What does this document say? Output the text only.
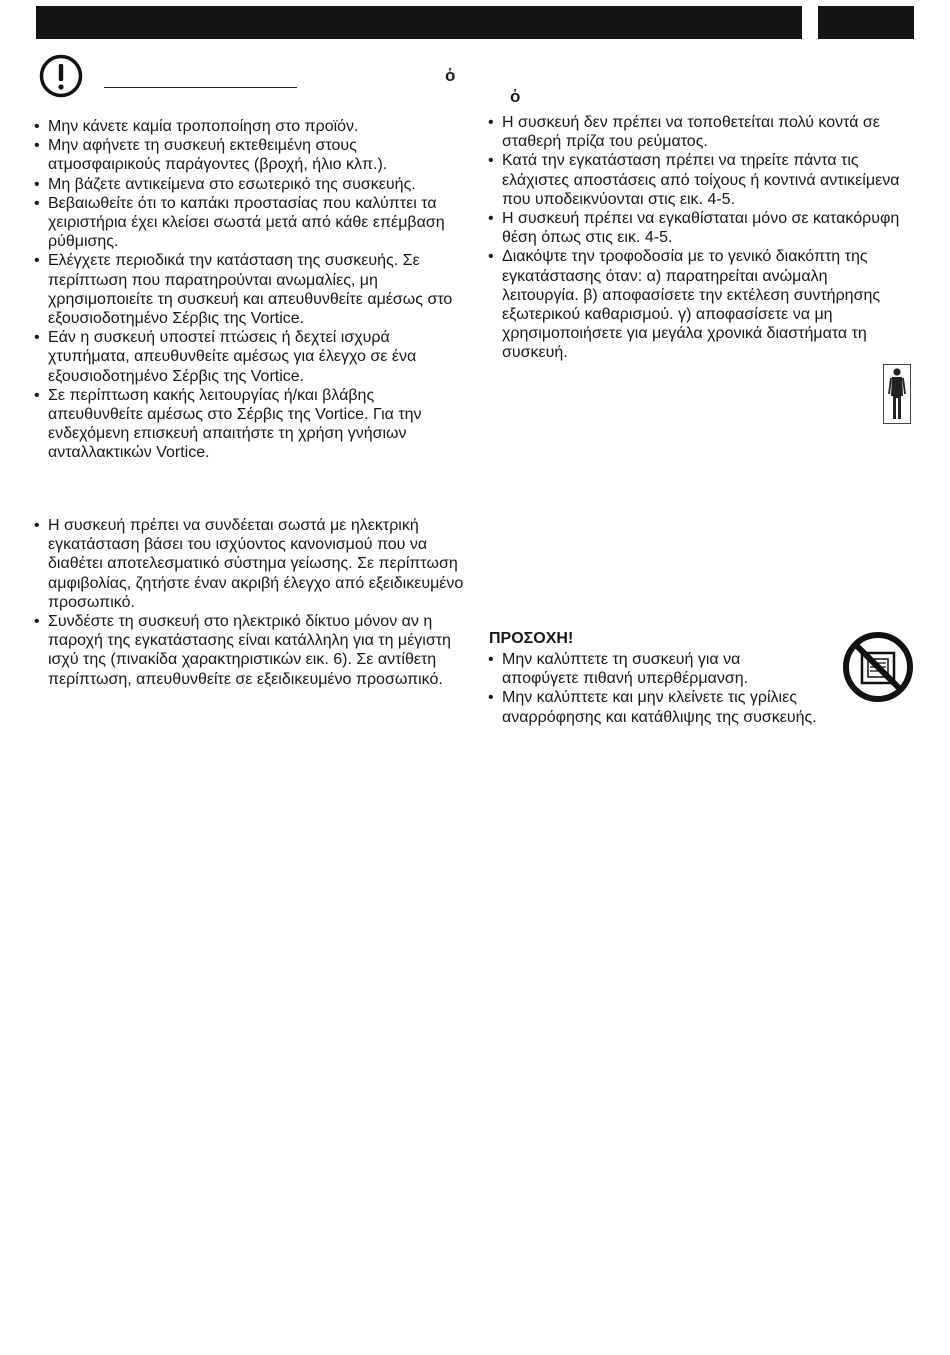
ὁ
ὁ
• Μην κάνετε καμία τροποποίηση στο προϊόν.
• Μην αφήνετε τη συσκευή εκτεθειμένη στους ατμοσφαιρικούς παράγοντες (βροχή, ήλιο κλπ.).
• Μη βάζετε αντικείμενα στο εσωτερικό της συσκευής.
• Βεβαιωθείτε ότι το καπάκι προστασίας που καλύπτει τα χειριστήρια έχει κλείσει σωστά μετά από κάθε επέμβαση ρύθμισης.
• Ελέγχετε περιοδικά την κατάσταση της συσκευής. Σε περίπτωση που παρατηρούνται ανωμαλίες, μη χρησιμοποιείτε τη συσκευή και απευθυνθείτε αμέσως στο εξουσιοδοτημένο Σέρβις της Vortice.
• Εάν η συσκευή υποστεί πτώσεις ή δεχτεί ισχυρά χτυπήματα, απευθυνθείτε αμέσως για έλεγχο σε ένα εξουσιοδοτημένο Σέρβις της Vortice.
• Σε περίπτωση κακής λειτουργίας ή/και βλάβης απευθυνθείτε αμέσως στο Σέρβις της Vortice. Για την ενδεχόμενη επισκευή απαιτήστε τη χρήση γνήσιων ανταλλακτικών Vortice.
• Η συσκευή πρέπει να συνδέεται σωστά με ηλεκτρική εγκατάσταση βάσει του ισχύοντος κανονισμού που να διαθέτει αποτελεσματικό σύστημα γείωσης. Σε περίπτωση αμφιβολίας, ζητήστε έναν ακριβή έλεγχο από εξειδικευμένο προσωπικό.
• Συνδέστε τη συσκευή στο ηλεκτρικό δίκτυο μόνον αν η παροχή της εγκατάστασης είναι κατάλληλη για τη μέγιστη ισχύ της (πινακίδα χαρακτηριστικών εικ. 6). Σε αντίθετη περίπτωση, απευθυνθείτε σε εξειδικευμένο προσωπικό.
• Η συσκευή δεν πρέπει να τοποθετείται πολύ κοντά σε σταθερή πρίζα του ρεύματος.
• Κατά την εγκατάσταση πρέπει να τηρείτε πάντα τις ελάχιστες αποστάσεις από τοίχους ή κοντινά αντικείμενα που υποδεικνύονται στις εικ. 4-5.
• Η συσκευή πρέπει να εγκαθίσταται μόνο σε κατακόρυφη θέση όπως στις εικ. 4-5.
• Διακόψτε την τροφοδοσία με το γενικό διακόπτη της εγκατάστασης όταν: α) παρατηρείται ανώμαλη λειτουργία. β) αποφασίσετε την εκτέλεση συντήρησης εξωτερικού καθαρισμού. γ) αποφασίσετε να μη χρησιμοποιήσετε για μεγάλα χρονικά διαστήματα τη συσκευή.
ΠΡΟΣΟΧΗ!
• Μην καλύπτετε τη συσκευή για να αποφύγετε πιθανή υπερθέρμανση.
• Μην καλύπτετε και μην κλείνετε τις γρίλιες αναρρόφησης και κατάθλιψης της συσκευής.
